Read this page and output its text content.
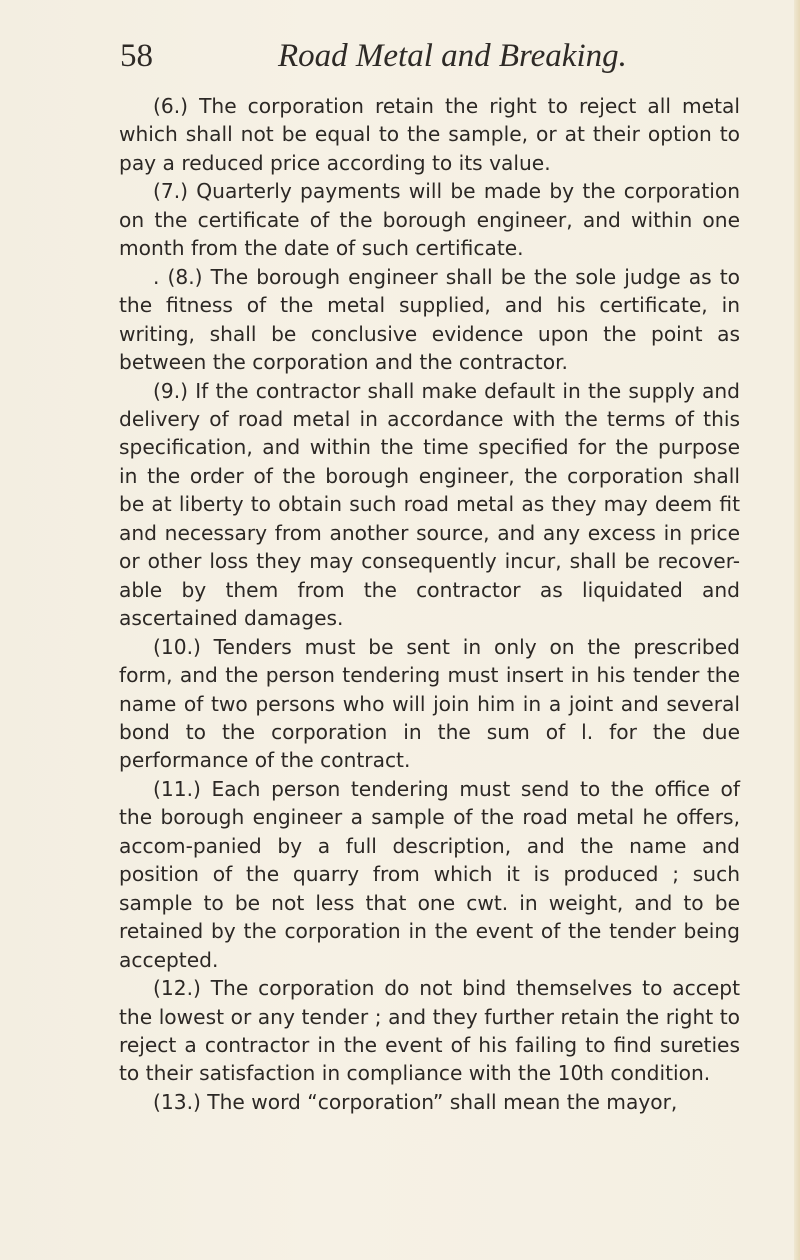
58	Road Metal and Breaking.

(6.) The corporation retain the right to reject all metal which shall not be equal to the sample, or at their option to pay a reduced price according to its value.

(7.) Quarterly payments will be made by the corporation on the certificate of the borough engineer, and within one month from the date of such certificate.

. (8.) The borough engineer shall be the sole judge as to the fitness of the metal supplied, and his certificate, in writing, shall be conclusive evidence upon the point as between the corporation and the contractor.

(9.) If the contractor shall make default in the supply and delivery of road metal in accordance with the terms of this specification, and within the time specified for the purpose in the order of the borough engineer, the corporation shall be at liberty to obtain such road metal as they may deem fit and necessary from another source, and any excess in price or other loss they may consequently incur, shall be recover-able by them from the contractor as liquidated and ascertained damages.

(10.) Tenders must be sent in only on the prescribed form, and the person tendering must insert in his tender the name of two persons who will join him in a joint and several bond to the corporation in the sum of l. for the due performance of the contract.

(11.) Each person tendering must send to the office of the borough engineer a sample of the road metal he offers, accom-panied by a full description, and the name and position of the quarry from which it is produced ; such sample to be not less that one cwt. in weight, and to be retained by the corporation in the event of the tender being accepted.

(12.) The corporation do not bind themselves to accept the lowest or any tender ; and they further retain the right to reject a contractor in the event of his failing to find sureties to their satisfaction in compliance with the 10th condition.

(13.) The word “corporation” shall mean the mayor,
